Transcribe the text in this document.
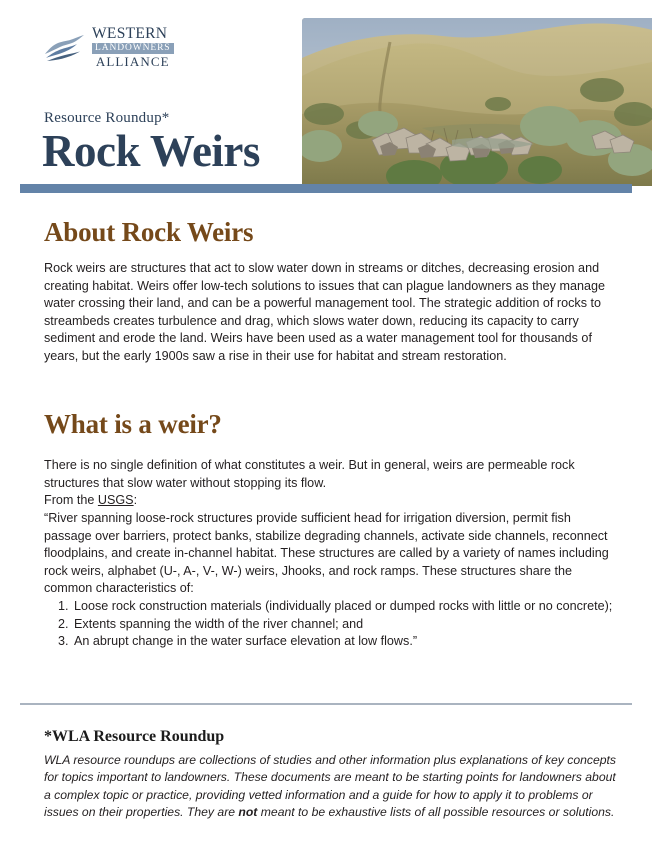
WESTERN
LANDOWNERS
ALLIANCE
Resource Roundup*
Rock Weirs
About Rock Weirs

Rock weirs are structures that act to slow water down in streams or ditches, decreasing erosion and creating habitat. Weirs offer low-tech solutions to issues that can plague landowners as they manage water crossing their land, and can be a powerful management tool. The strategic addition of rocks to streambeds creates turbulence and drag, which slows water down, reducing its capacity to carry sediment and erode the land. Weirs have been used as a water management tool for thousands of years, but the early 1900s saw a rise in their use for habitat and stream restoration.

What is a weir?

There is no single definition of what constitutes a weir. But in general, weirs are permeable rock structures that slow water without stopping its flow.

From the USGS:

“River spanning loose-rock structures provide sufficient head for irrigation diversion, permit fish passage over barriers, protect banks, stabilize degrading channels, activate side channels, reconnect floodplains, and create in-channel habitat. These structures are called by a variety of names including rock weirs, alphabet (U-, A-, V-, W-) weirs, Jhooks, and rock ramps. These structures share the common characteristics of:

1. Loose rock construction materials (individually placed or dumped rocks with little or no concrete);
2. Extents spanning the width of the river channel; and
3. An abrupt change in the water surface elevation at low flows.”
*WLA Resource Roundup

WLA resource roundups are collections of studies and other information plus explanations of key concepts for topics important to landowners. These documents are meant to be starting points for landowners about a complex topic or practice, providing vetted information and a guide for how to apply it to problems or issues on their properties. They are not meant to be exhaustive lists of all possible resources or solutions.
